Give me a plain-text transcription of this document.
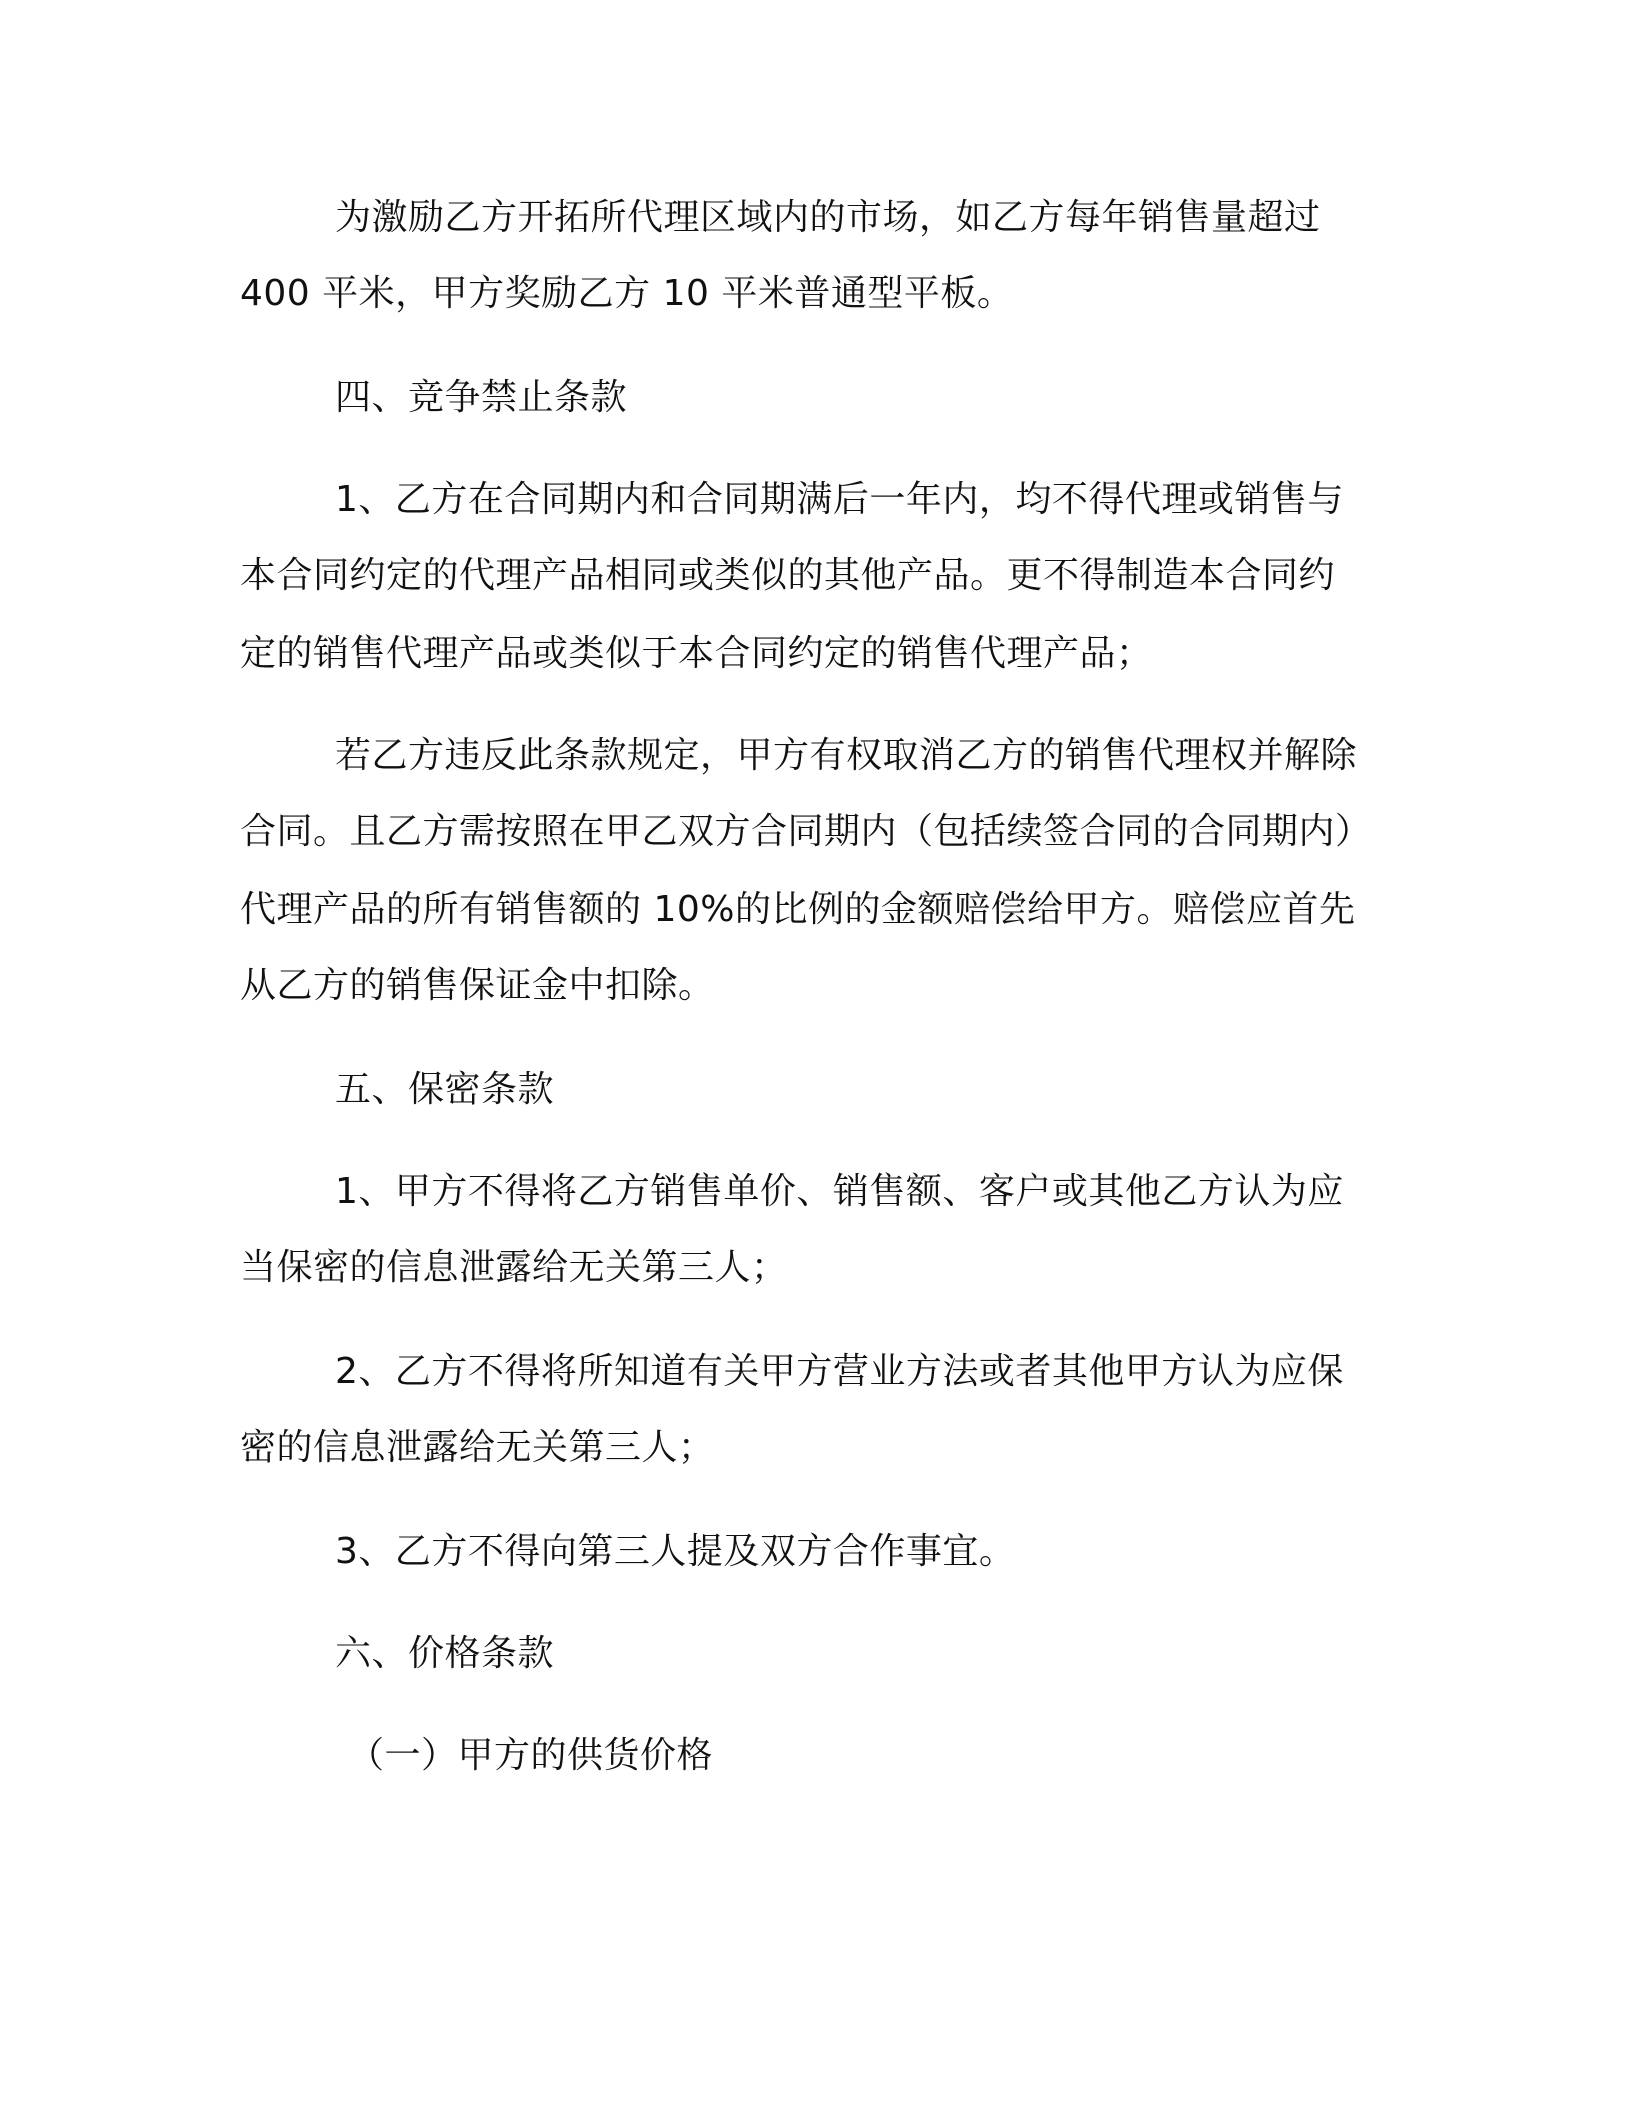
为激励乙方开拓所代理区域内的市场，如乙方每年销售量超过
400 平米，甲方奖励乙方 10 平米普通型平板。
四、竞争禁止条款
1、乙方在合同期内和合同期满后一年内，均不得代理或销售与
本合同约定的代理产品相同或类似的其他产品。更不得制造本合同约
定的销售代理产品或类似于本合同约定的销售代理产品；
若乙方违反此条款规定，甲方有权取消乙方的销售代理权并解除
合同。且乙方需按照在甲乙双方合同期内（包括续签合同的合同期内）
代理产品的所有销售额的 10%的比例的金额赔偿给甲方。赔偿应首先
从乙方的销售保证金中扣除。
五、保密条款
1、甲方不得将乙方销售单价、销售额、客户或其他乙方认为应
当保密的信息泄露给无关第三人；
2、乙方不得将所知道有关甲方营业方法或者其他甲方认为应保
密的信息泄露给无关第三人；
3、乙方不得向第三人提及双方合作事宜。
六、价格条款
（一）甲方的供货价格
